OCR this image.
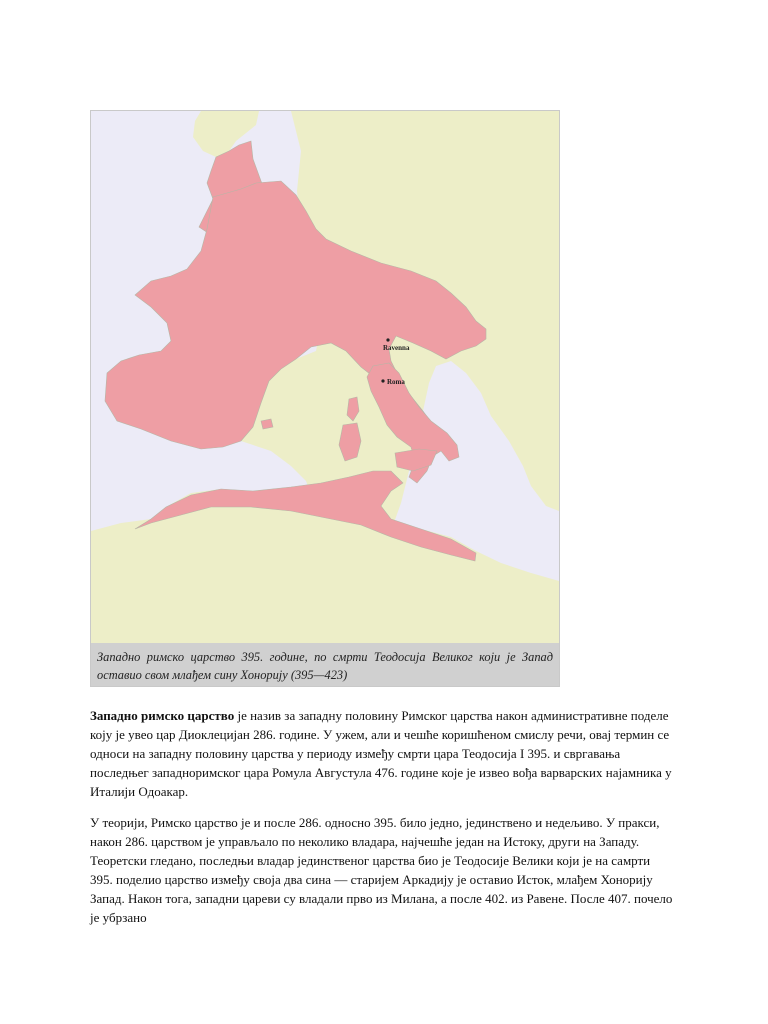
Ravenna
Roma
Западно римско царство 395. године, по смрти Теодосија Великог који је Запад оставио свом млађем сину Хонорију (395—423)
Западно римско царство је назив за западну половину Римског царства након административне поделе коју је увео цар Диоклецијан 286. године. У ужем, али и чешће коришћеном смислу речи, овај термин се односи на западну половину царства у периоду између смрти цара Теодосија I 395. и свргавања последњег западноримског цара Ромула Августула 476. године које је извео вођа варварских најамника у Италији Одоакар.
У теорији, Римско царство је и после 286. односно 395. било једно, јединствено и недељиво. У пракси, након 286. царством је управљало по неколико владара, најчешће један на Истоку, други на Западу. Теоретски гледано, последњи владар јединственог царства био је Теодосије Велики који је на самрти 395. поделио царство између своја два сина — старијем Аркадију је оставио Исток, млађем Хонорију Запад. Након тога, западни цареви су владали прво из Милана, а после 402. из Равене. После 407. почело је убрзано
